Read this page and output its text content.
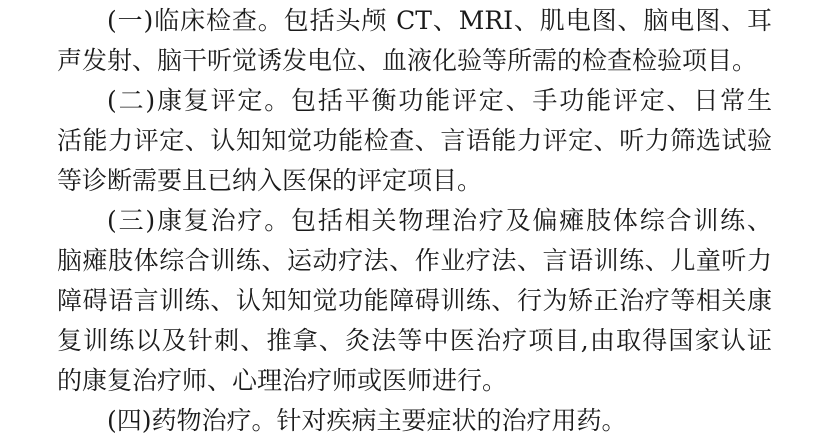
(一)临床检查。包括头颅 CT、MRI、肌电图、脑电图、耳
声发射、脑干听觉诱发电位、血液化验等所需的检查检验项目。

(二)康复评定。包括平衡功能评定、手功能评定、日常生
活能力评定、认知知觉功能检查、言语能力评定、听力筛选试验
等诊断需要且已纳入医保的评定项目。

(三)康复治疗。包括相关物理治疗及偏瘫肢体综合训练、
脑瘫肢体综合训练、运动疗法、作业疗法、言语训练、儿童听力
障碍语言训练、认知知觉功能障碍训练、行为矫正治疗等相关康
复训练以及针刺、推拿、灸法等中医治疗项目,由取得国家认证
的康复治疗师、心理治疗师或医师进行。

(四)药物治疗。针对疾病主要症状的治疗用药。
